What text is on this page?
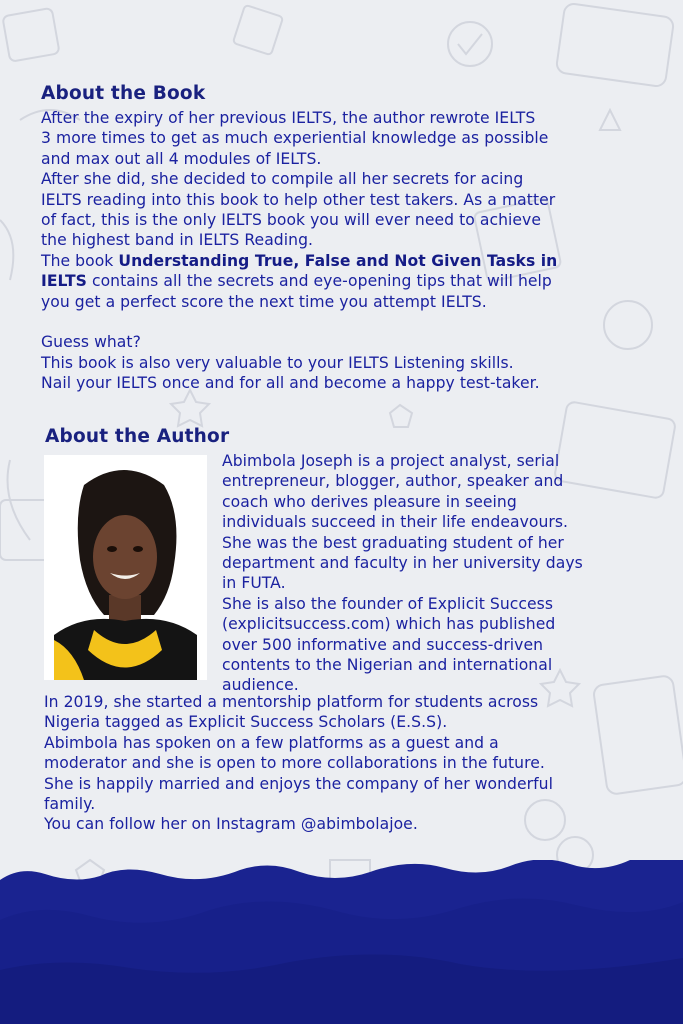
About the Book

After the expiry of her previous IELTS, the author rewrote IELTS

3 more times to get as much experiential knowledge as possible

and max out all 4 modules of IELTS.

After she did, she decided to compile all her secrets for acing

IELTS reading into this book to help other test takers. As a matter

of fact, this is the only IELTS book you will ever need to achieve

the highest band in IELTS Reading.

The book Understanding True, False and Not Given Tasks in

IELTS contains all the secrets and eye-opening tips that will help

you get a perfect score the next time you attempt IELTS.

Guess what?

This book is also very valuable to your IELTS Listening skills.

Nail your IELTS once and for all and become a happy test-taker.

About the Author

Abimbola Joseph is a project analyst, serial

entrepreneur, blogger, author, speaker and

coach who derives pleasure in seeing

individuals succeed in their life endeavours.

She was the best graduating student of her

department and faculty in her university days

in FUTA.

She is also the founder of Explicit Success

(explicitsuccess.com) which has published

over 500 informative and success-driven

contents to the Nigerian and international

audience.

In 2019, she started a mentorship platform for students across

Nigeria tagged as Explicit Success Scholars (E.S.S).

Abimbola has spoken on a few platforms as a guest and a

moderator and she is open to more collaborations in the future.

She is happily married and enjoys the company of her wonderful

family.

You can follow her on Instagram @abimbolajoe.
